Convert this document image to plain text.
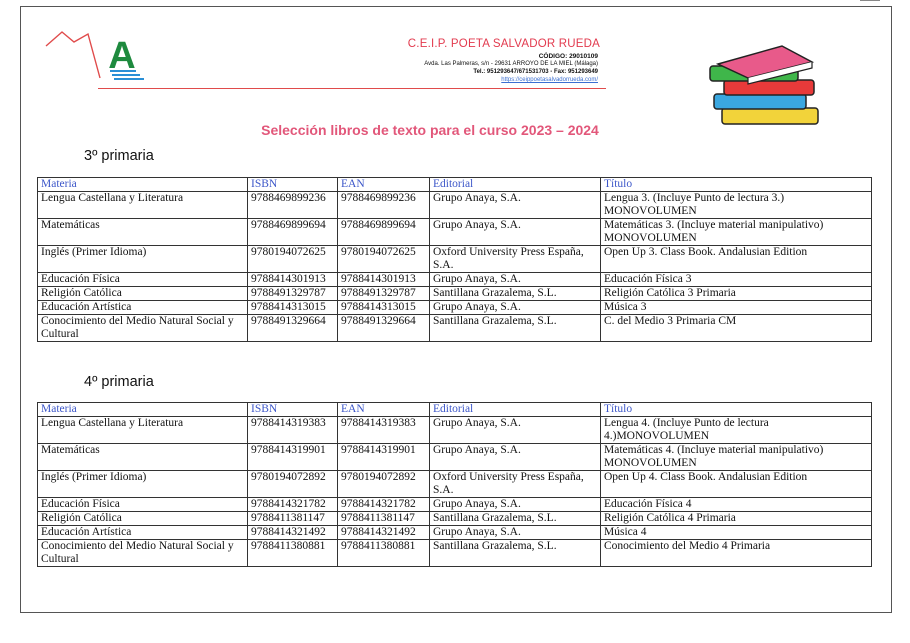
A	C.E.I.P. POETA SALVADOR RUEDA
CÓDIGO: 29010109
Avda. Las Palmeras, s/n - 29631 ARROYO DE LA MIEL (Málaga)
Tel.: 951293647/671531703 - Fax: 951293649
https://ceippoetasalvadorrueda.com/
Selección libros de texto para el curso 2023 – 2024
3º primaria
Materia	ISBN	EAN	Editorial	Título
Lengua Castellana y Literatura	9788469899236	9788469899236	Grupo Anaya, S.A.	Lengua 3. (Incluye Punto de lectura 3.) MONOVOLUMEN
Matemáticas	9788469899694	9788469899694	Grupo Anaya, S.A.	Matemáticas 3. (Incluye material manipulativo) MONOVOLUMEN
Inglés (Primer Idioma)	9780194072625	9780194072625	Oxford University Press España, S.A.	Open Up 3. Class Book. Andalusian Edition
Educación Física	9788414301913	9788414301913	Grupo Anaya, S.A.	Educación Física 3
Religión Católica	9788491329787	9788491329787	Santillana Grazalema, S.L.	Religión Católica 3 Primaria
Educación Artística	9788414313015	9788414313015	Grupo Anaya, S.A.	Música 3
Conocimiento del Medio Natural Social y Cultural	9788491329664	9788491329664	Santillana Grazalema, S.L.	C. del Medio 3 Primaria CM
4º primaria
Materia	ISBN	EAN	Editorial	Título
Lengua Castellana y Literatura	9788414319383	9788414319383	Grupo Anaya, S.A.	Lengua 4. (Incluye Punto de lectura 4.)MONOVOLUMEN
Matemáticas	9788414319901	9788414319901	Grupo Anaya, S.A.	Matemáticas 4. (Incluye material manipulativo) MONOVOLUMEN
Inglés (Primer Idioma)	9780194072892	9780194072892	Oxford University Press España, S.A.	Open Up 4. Class Book. Andalusian Edition
Educación Física	9788414321782	9788414321782	Grupo Anaya, S.A.	Educación Física 4
Religión Católica	9788411381147	9788411381147	Santillana Grazalema, S.L.	Religión Católica 4 Primaria
Educación Artística	9788414321492	9788414321492	Grupo Anaya, S.A.	Música 4
Conocimiento del Medio Natural Social y Cultural	9788411380881	9788411380881	Santillana Grazalema, S.L.	Conocimiento del Medio 4 Primaria
